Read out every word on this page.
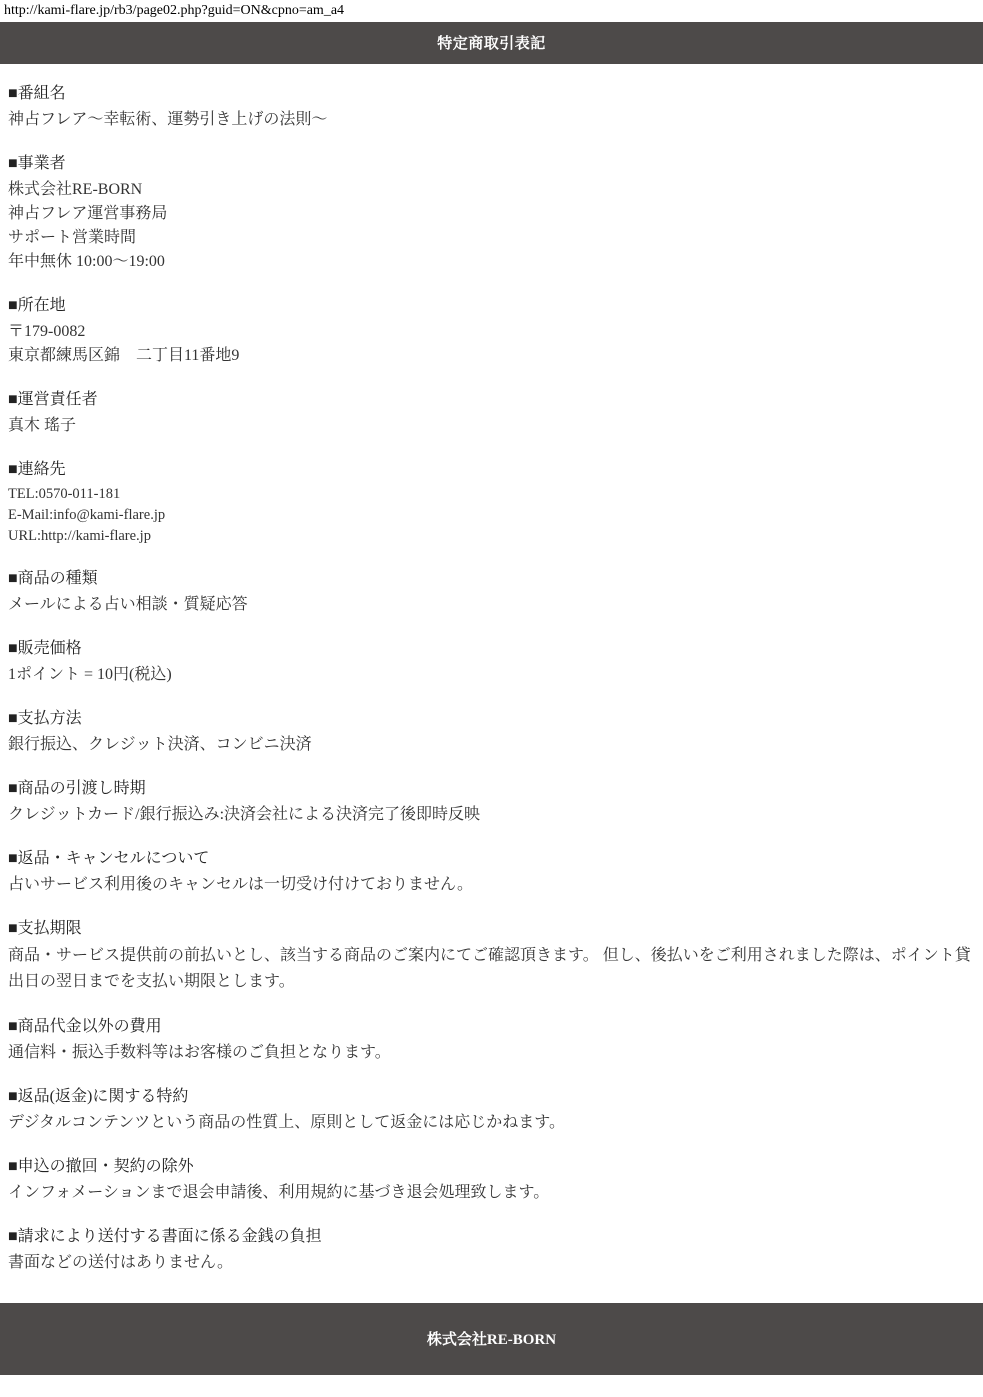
http://kami-flare.jp/rb3/page02.php?guid=ON&cpno=am_a4
特定商取引表記

■番組名

神占フレア〜幸転術、運勢引き上げの法則〜

■事業者

株式会社RE-BORN

神占フレア運営事務局

サポート営業時間

年中無休 10:00〜19:00

■所在地

〒179-0082

東京都練馬区錦　二丁目11番地9

■運営責任者

真木 瑤子

■連絡先

TEL:0570-011-181

E-Mail:info@kami-flare.jp

URL:http://kami-flare.jp

■商品の種類

メールによる占い相談・質疑応答

■販売価格

1ポイント = 10円(税込)

■支払方法

銀行振込、クレジット決済、コンビニ決済

■商品の引渡し時期

クレジットカード/銀行振込み:決済会社による決済完了後即時反映

■返品・キャンセルについて

占いサービス利用後のキャンセルは一切受け付けておりません。

■支払期限

商品・サービス提供前の前払いとし、該当する商品のご案内にてご確認頂きます。 但し、後払いをご利用されました際は、ポイント貸出日の翌日までを支払い期限とします。

■商品代金以外の費用

通信料・振込手数料等はお客様のご負担となります。

■返品(返金)に関する特約

デジタルコンテンツという商品の性質上、原則として返金には応じかねます。

■申込の撤回・契約の除外

インフォメーションまで退会申請後、利用規約に基づき退会処理致します。

■請求により送付する書面に係る金銭の負担

書面などの送付はありません。

株式会社RE-BORN
